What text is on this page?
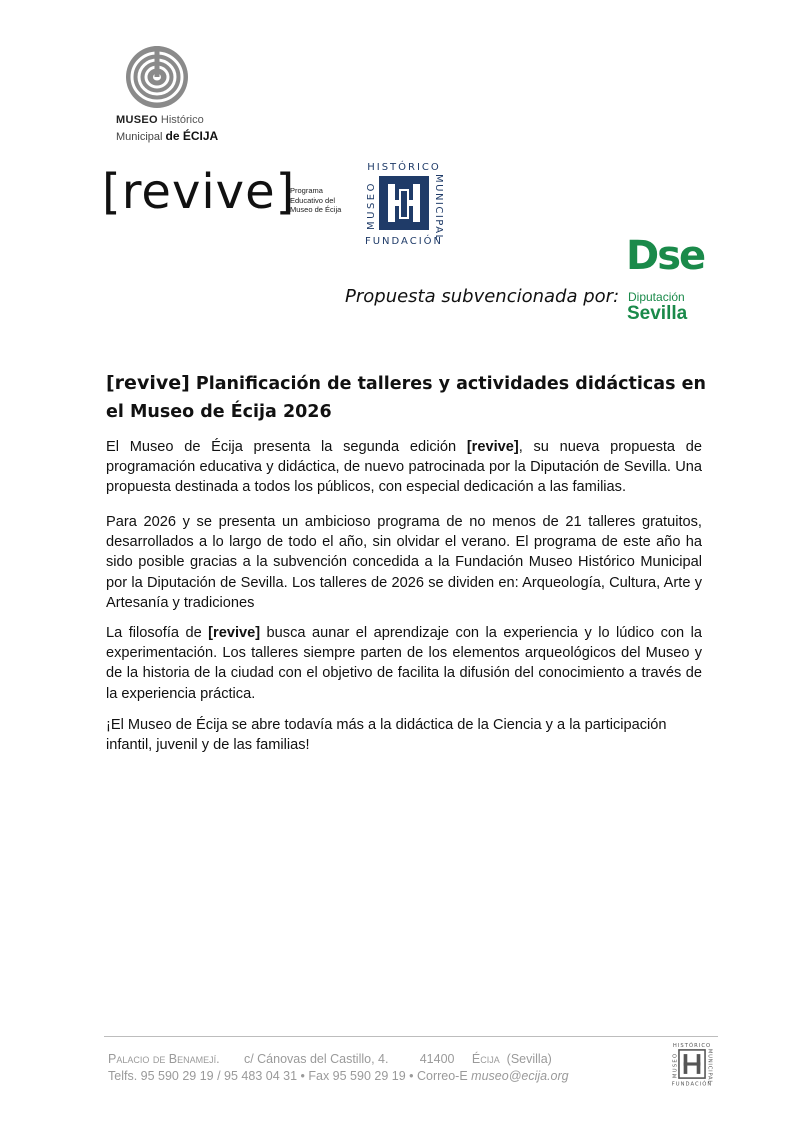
MUSEO Histórico
Municipal de ÉCIJA
[revive]
Programa
Educativo del
Museo de Écija
HISTÓRICO
FUNDACIÓN
MUSEO	MUNICIPAL
Propuesta subvencionada por:
Dse
Diputación
Sevilla
[revive] Planificación de talleres y actividades didácticas en el Museo de Écija 2026
El Museo de Écija presenta la segunda edición [revive], su nueva propuesta de programación educativa y didáctica, de nuevo patrocinada por la Diputación de Sevilla. Una propuesta destinada a todos los públicos, con especial dedicación a las familias.
Para 2026 y se presenta un ambicioso programa de no menos de 21 talleres gratuitos, desarrollados a lo largo de todo el año, sin olvidar el verano. El programa de este año ha sido posible gracias a la subvención concedida a la Fundación Museo Histórico Municipal por la Diputación de Sevilla. Los talleres de 2026 se dividen en: Arqueología, Cultura, Arte y Artesanía y tradiciones
La filosofía de [revive] busca aunar el aprendizaje con la experiencia y lo lúdico con la experimentación. Los talleres siempre parten de los elementos arqueológicos del Museo y de la historia de la ciudad con el objetivo de facilita la difusión del conocimiento a través de la experiencia práctica.
¡El Museo de Écija se abre todavía más a la didáctica de la Ciencia y a la participación infantil, juvenil y de las familias!
Palacio de Benamejí. c/ Cánovas del Castillo, 4.	41400 Écija (Sevilla)
Telfs. 95 590 29 19 / 95 483 04 31 • Fax 95 590 29 19 • Correo-E museo@ecija.org
HISTÓRICO
FUNDACIÓN
MUSEO	MUNICIPAL
